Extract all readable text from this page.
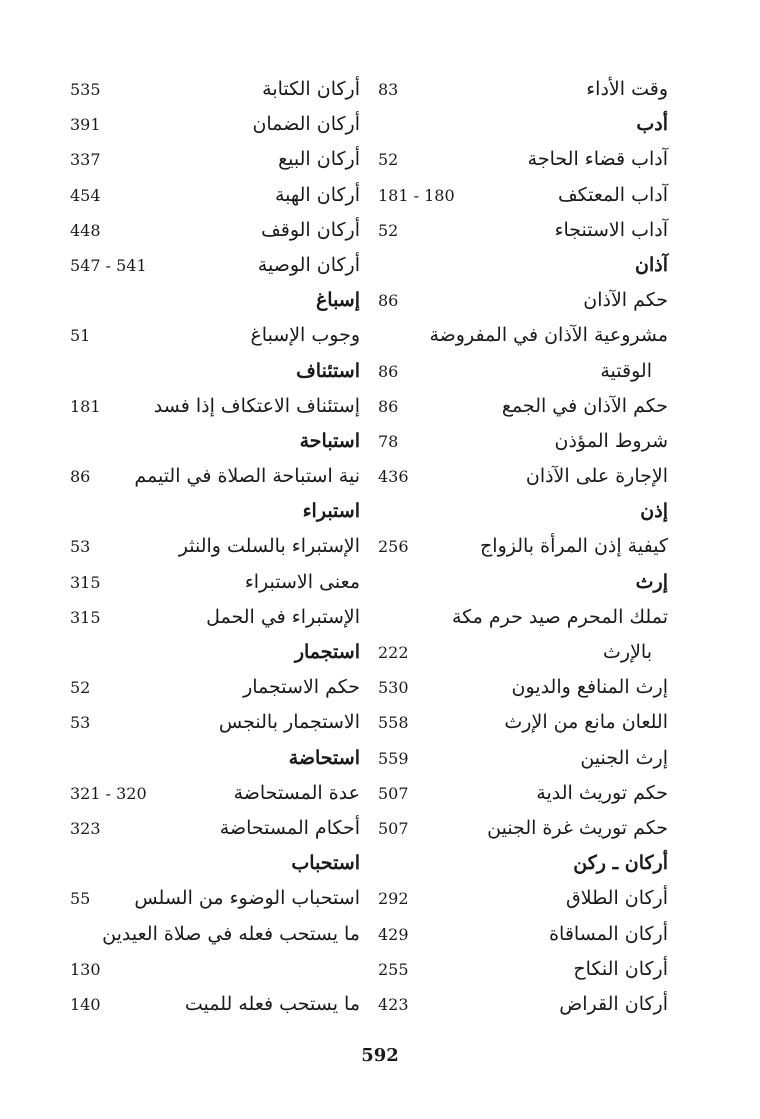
وقت الأداء
83
أدب
آداب قضاء الحاجة
52
آداب المعتكف
181 - 180
آداب الاستنجاء
52
آذان
حكم الآذان
86
مشروعية الآذان في المفروضة
الوقتية
86
حكم الآذان في الجمع
86
شروط المؤذن
78
الإجارة على الآذان
436
إذن
كيفية إذن المرأة بالزواج
256
إرث
تملك المحرم صيد حرم مكة
بالإرث
222
إرث المنافع والديون
530
اللعان مانع من الإرث
558
إرث الجنين
559
حكم توريث الدية
507
حكم توريث غرة الجنين
507
أركان ـ ركن
أركان الطلاق
292
أركان المساقاة
429
أركان النكاح
255
أركان القراض
423
أركان الكتابة
535
أركان الضمان
391
أركان البيع
337
أركان الهبة
454
أركان الوقف
448
أركان الوصية
547 - 541
إسباغ
وجوب الإسباغ
51
استئناف
إستئناف الاعتكاف إذا فسد
181
استباحة
نية استباحة الصلاة في التيمم
86
استبراء
الإستبراء بالسلت والنثر
53
معنى الاستبراء
315
الإستبراء في الحمل
315
استجمار
حكم الاستجمار
52
الاستجمار بالنجس
53
استحاضة
عدة المستحاضة
321 - 320
أحكام المستحاضة
323
استحباب
استحباب الوضوء من السلس
55
ما يستحب فعله في صلاة العيدين
130
ما يستحب فعله للميت
140
592
